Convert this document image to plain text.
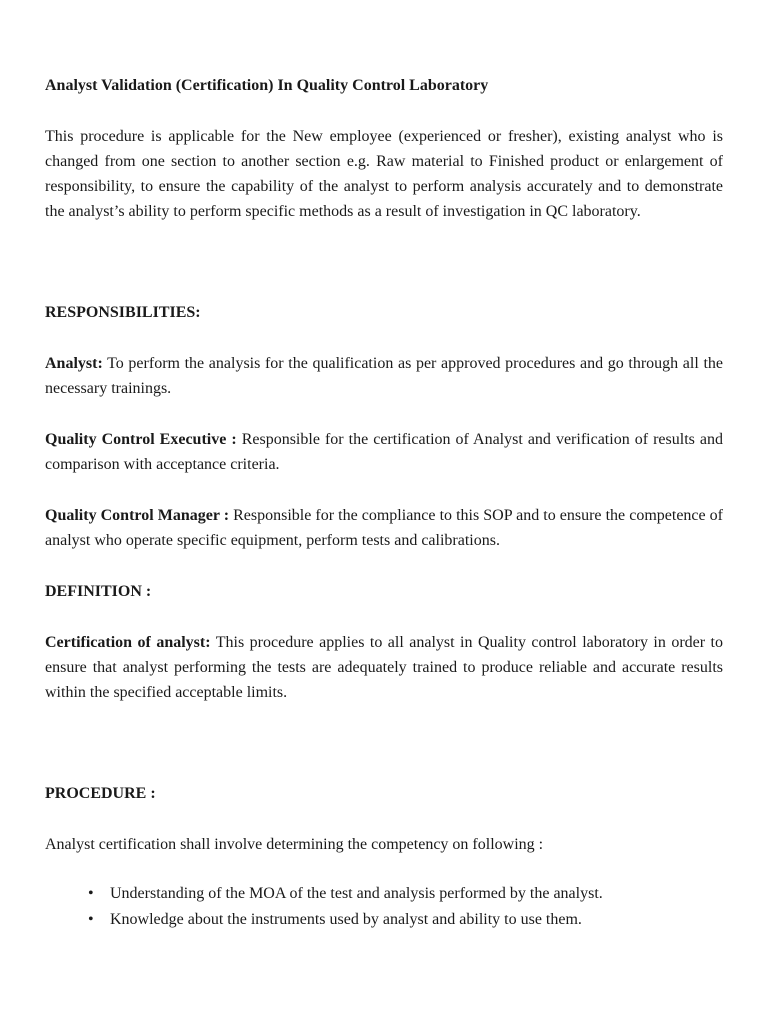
Analyst Validation (Certification) In Quality Control Laboratory

This procedure is applicable for the New employee (experienced or fresher), existing analyst who is changed from one section to another section e.g. Raw material to Finished product or enlargement of responsibility, to ensure the capability of the analyst to perform analysis accurately and to demonstrate the analyst’s ability to perform specific methods as a result of investigation in QC laboratory.

RESPONSIBILITIES:

Analyst: To perform the analysis for the qualification as per approved procedures and go through all the necessary trainings.

Quality Control Executive : Responsible for the certification of Analyst and verification of results and comparison with acceptance criteria.

Quality Control Manager : Responsible for the compliance to this SOP and to ensure the competence of analyst who operate specific equipment, perform tests and calibrations.

DEFINITION :

Certification of analyst: This procedure applies to all analyst in Quality control laboratory in order to ensure that analyst performing the tests are adequately trained to produce reliable and accurate results within the specified acceptable limits.

PROCEDURE :

Analyst certification shall involve determining the competency on following :

• Understanding of the MOA of the test and analysis performed by the analyst.
• Knowledge about the instruments used by analyst and ability to use them.
